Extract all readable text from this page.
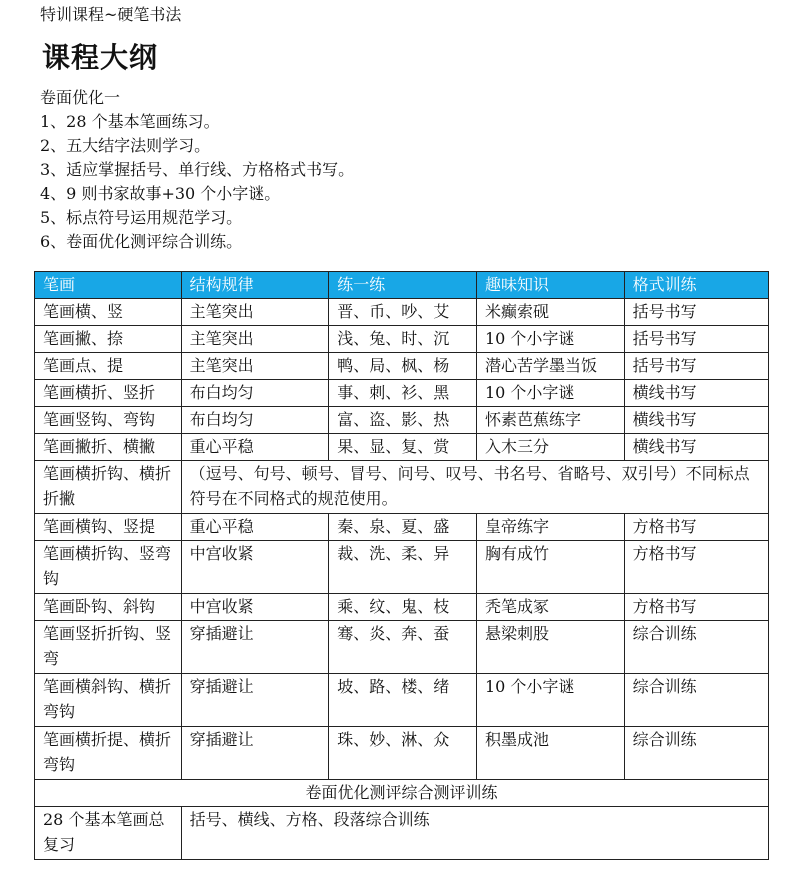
特训课程~硬笔书法
课程大纲
卷面优化一
1、28 个基本笔画练习。
2、五大结字法则学习。
3、适应掌握括号、单行线、方格格式书写。
4、9 则书家故事+30 个小字谜。
5、标点符号运用规范学习。
6、卷面优化测评综合训练。
笔画	结构规律	练一练	趣味知识	格式训练
笔画横、竖	主笔突出	晋、币、吵、艾	米癫索砚	括号书写
笔画撇、捺	主笔突出	浅、兔、时、沉	10 个小字谜	括号书写
笔画点、提	主笔突出	鸭、局、枫、杨	潜心苦学墨当饭	括号书写
笔画横折、竖折	布白均匀	事、刺、衫、黑	10 个小字谜	横线书写
笔画竖钩、弯钩	布白均匀	富、盗、影、热	怀素芭蕉练字	横线书写
笔画撇折、横撇	重心平稳	果、显、复、赏	入木三分	横线书写
笔画横折钩、横折折撇	（逗号、句号、顿号、冒号、问号、叹号、书名号、省略号、双引号）不同标点符号在不同格式的规范使用。			
笔画横钩、竖提	重心平稳	秦、泉、夏、盛	皇帝练字	方格书写
笔画横折钩、竖弯钩	中宫收紧	裁、洗、柔、异	胸有成竹	方格书写
笔画卧钩、斜钩	中宫收紧	乘、纹、鬼、枝	秃笔成冢	方格书写
笔画竖折折钩、竖弯	穿插避让	骞、炎、奔、蚕	悬梁刺股	综合训练
笔画横斜钩、横折弯钩	穿插避让	坡、路、楼、绪	10 个小字谜	综合训练
笔画横折提、横折弯钩	穿插避让	珠、妙、淋、众	积墨成池	综合训练
卷面优化测评综合测评训练				
28 个基本笔画总复习	括号、横线、方格、段落综合训练			
